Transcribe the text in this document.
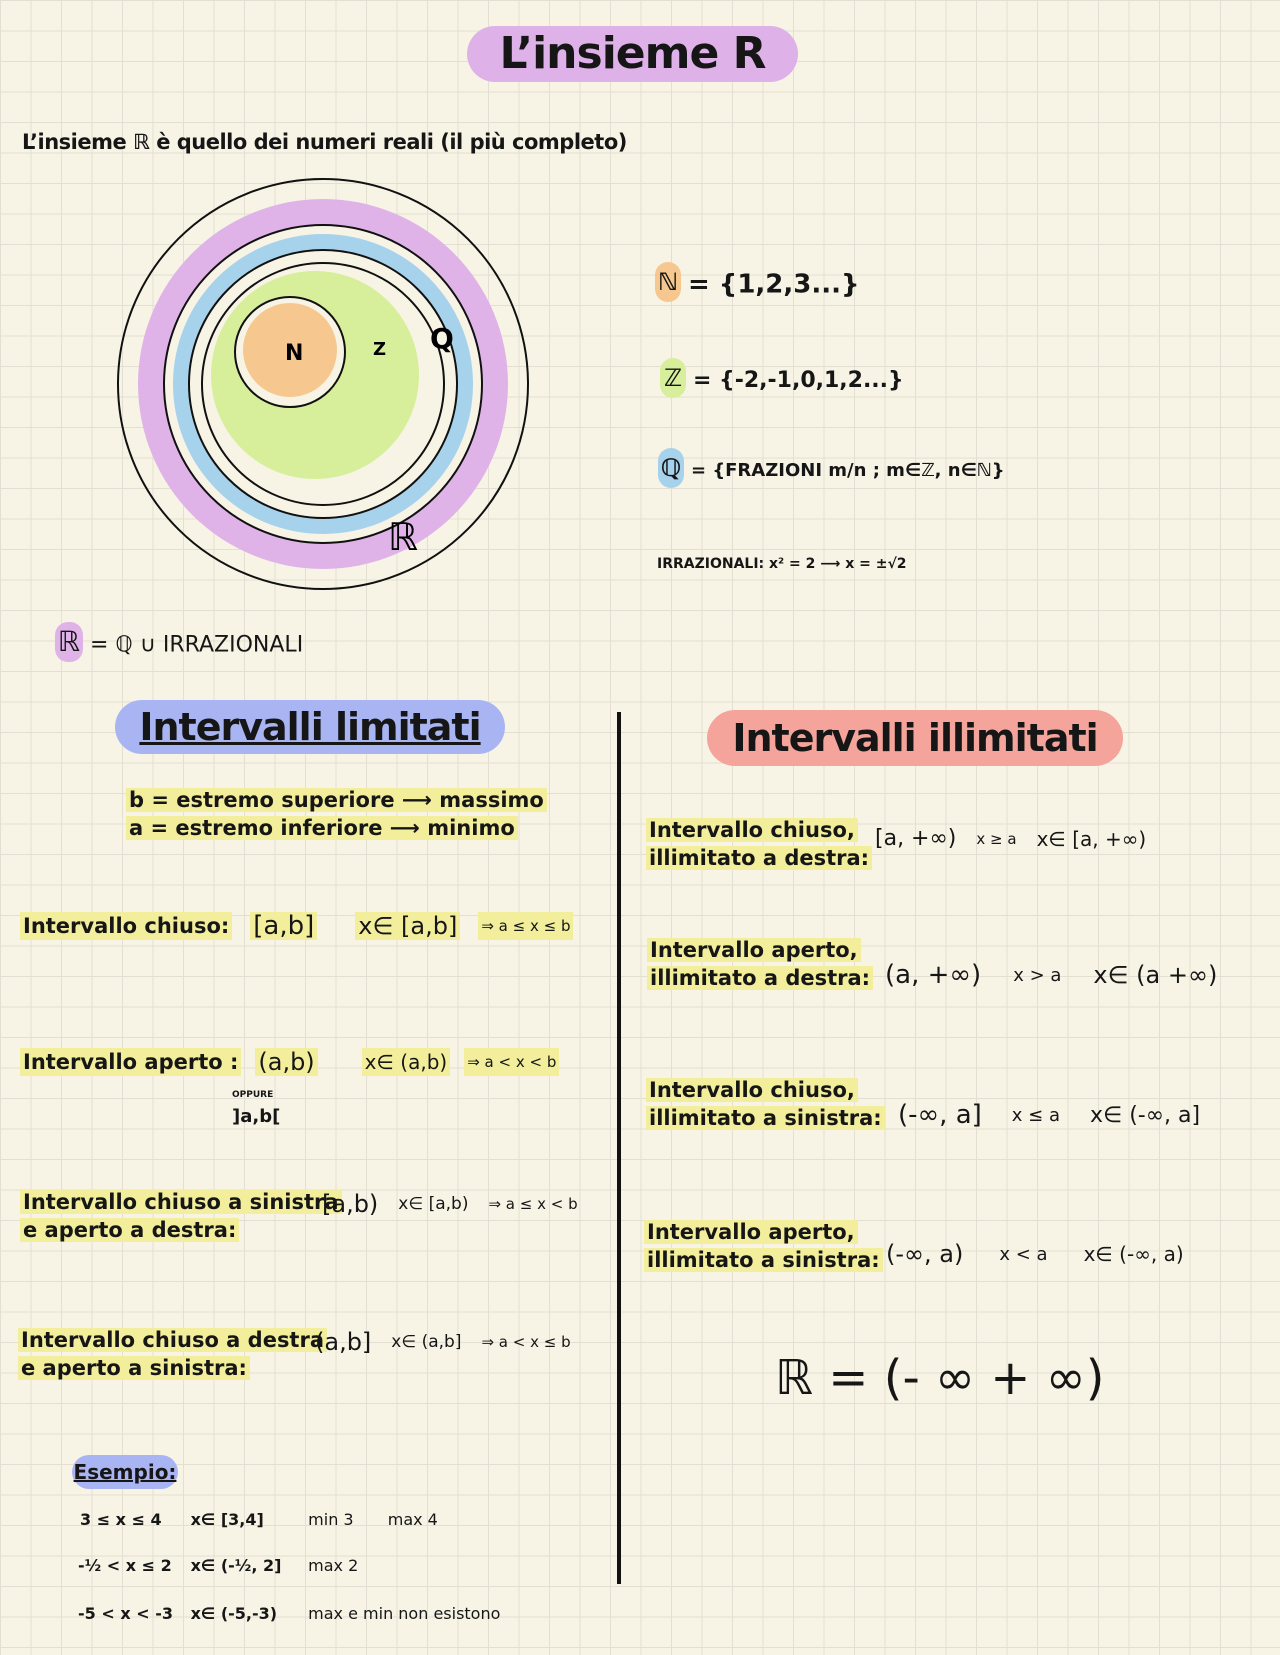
L’insieme R
L’insieme ℝ è quello dei numeri reali (il più completo)
N	Z Q
ℝ
ℕ = {1,2,3...}
ℤ = {-2,-1,0,1,2...}
ℚ = {FRAZIONI m/n ; m∈ℤ, n∈ℕ}
IRRAZIONALI: x² = 2 ⟶ x = ±√2
ℝ = ℚ ∪ IRRAZIONALI
Intervalli limitati
b = estremo superiore ⟶ massimo
a = estremo inferiore ⟶ minimo
Intervallo chiuso: [a,b] x∈ [a,b] ⇒ a ≤ x ≤ b
Intervallo aperto : (a,b)	x∈ (a,b) ⇒ a < x < b
OPPURE
]a,b[
Intervallo chiuso a sinistra
e aperto a destra:
[a,b) x∈ [a,b) ⇒ a ≤ x < b
Intervallo chiuso a destra
e aperto a sinistra:
(a,b] x∈ (a,b] ⇒ a < x ≤ b
Esempio:
3 ≤ x ≤ 4 x∈ [3,4]	min 3 max 4
-½ < x ≤ 2 x∈ (-½, 2] max 2
-5 < x < -3 x∈ (-5,-3) max e min non esistono
Intervalli illimitati
Intervallo chiuso,
illimitato a destra:
[a, +∞) x ≥ a x∈ [a, +∞)
Intervallo aperto,
illimitato a destra: (a, +∞) x > a x∈ (a +∞)
Intervallo chiuso,
illimitato a sinistra: (-∞, a] x ≤ a x∈ (-∞, a]
Intervallo aperto,
illimitato a sinistra: (-∞, a) x < a x∈ (-∞, a)
ℝ = (- ∞ + ∞)
